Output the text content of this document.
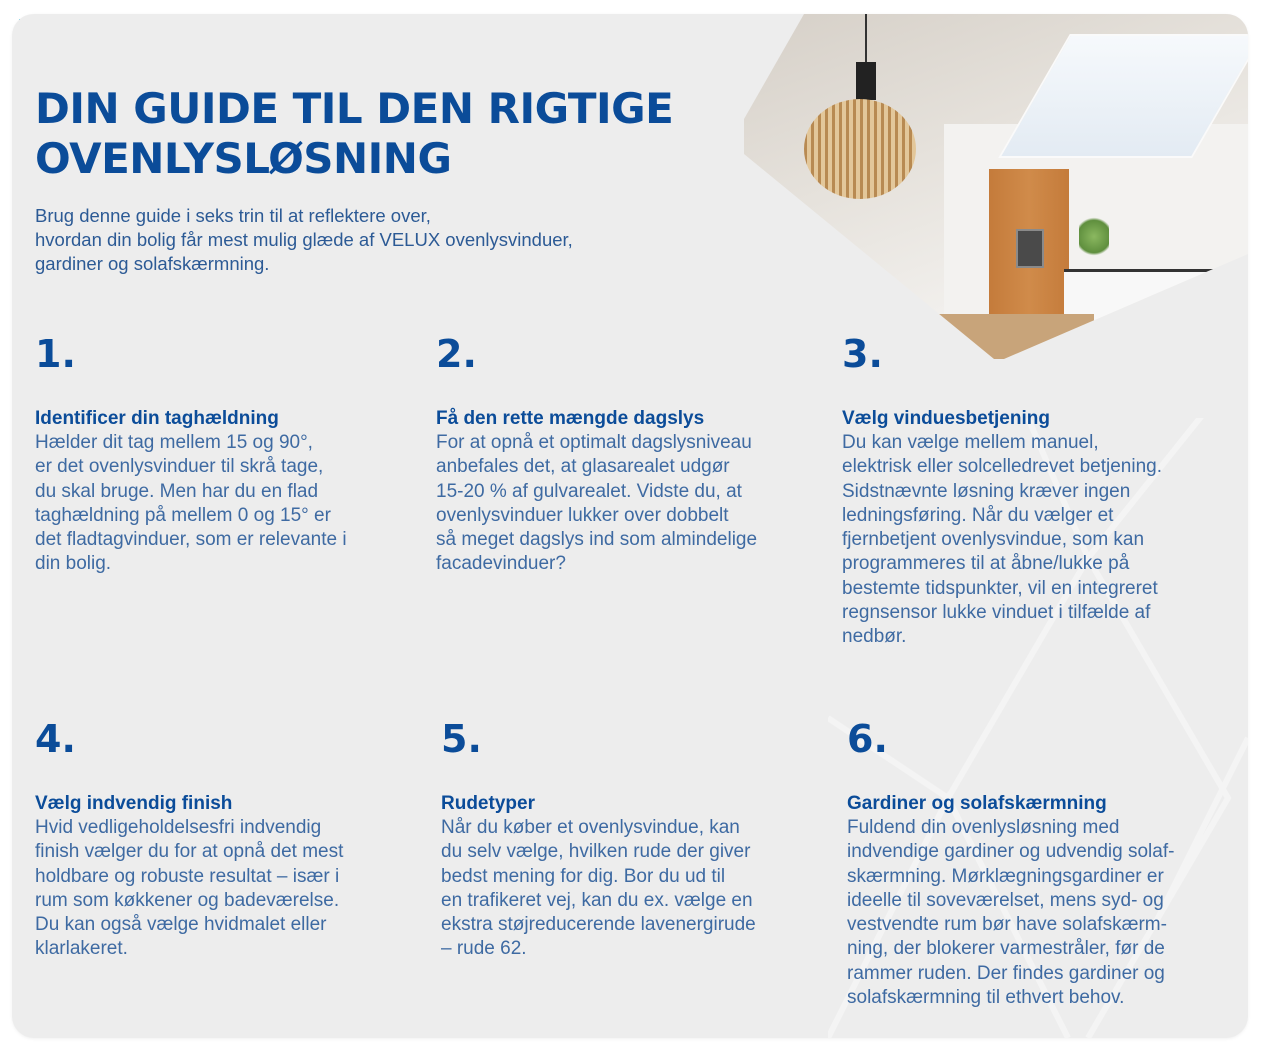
DIN GUIDE TIL DEN RIGTIGE
OVENLYSLØSNING
Brug denne guide i seks trin til at reflektere over,
hvordan din bolig får mest mulig glæde af VELUX ovenlysvinduer,
gardiner og solafskærmning.
1.
Identificer din taghældning
Hælder dit tag mellem 15 og 90°,
er det ovenlysvinduer til skrå tage,
du skal bruge. Men har du en flad
taghældning på mellem 0 og 15° er
det fladtagvinduer, som er relevante i
din bolig.
2.
Få den rette mængde dagslys
For at opnå et optimalt dagslysniveau
anbefales det, at glasarealet udgør
15-20 % af gulvarealet. Vidste du, at
ovenlysvinduer lukker over dobbelt
så meget dagslys ind som almindelige
facadevinduer?
3.
Vælg vinduesbetjening
Du kan vælge mellem manuel,
elektrisk eller solcelledrevet betjening.
Sidstnævnte løsning kræver ingen
ledningsføring. Når du vælger et
fjernbetjent ovenlysvindue, som kan
programmeres til at åbne/lukke på
bestemte tidspunkter, vil en integreret
regnsensor lukke vinduet i tilfælde af
nedbør.
4.
Vælg indvendig finish
Hvid vedligeholdelsesfri indvendig
finish vælger du for at opnå det mest
holdbare og robuste resultat – især i
rum som køkkener og badeværelse.
Du kan også vælge hvidmalet eller
klarlakeret.
5.
Rudetyper
Når du køber et ovenlysvindue, kan
du selv vælge, hvilken rude der giver
bedst mening for dig. Bor du ud til
en trafikeret vej, kan du ex. vælge en
ekstra støjreducerende lavenergirude
– rude 62.
6.
Gardiner og solafskærmning
Fuldend din ovenlysløsning med
indvendige gardiner og udvendig solaf-
skærmning. Mørklægningsgardiner er
ideelle til soveværelset, mens syd- og
vestvendte rum bør have solafskærm-
ning, der blokerer varmestråler, før de
rammer ruden. Der findes gardiner og
solafskærmning til ethvert behov.
